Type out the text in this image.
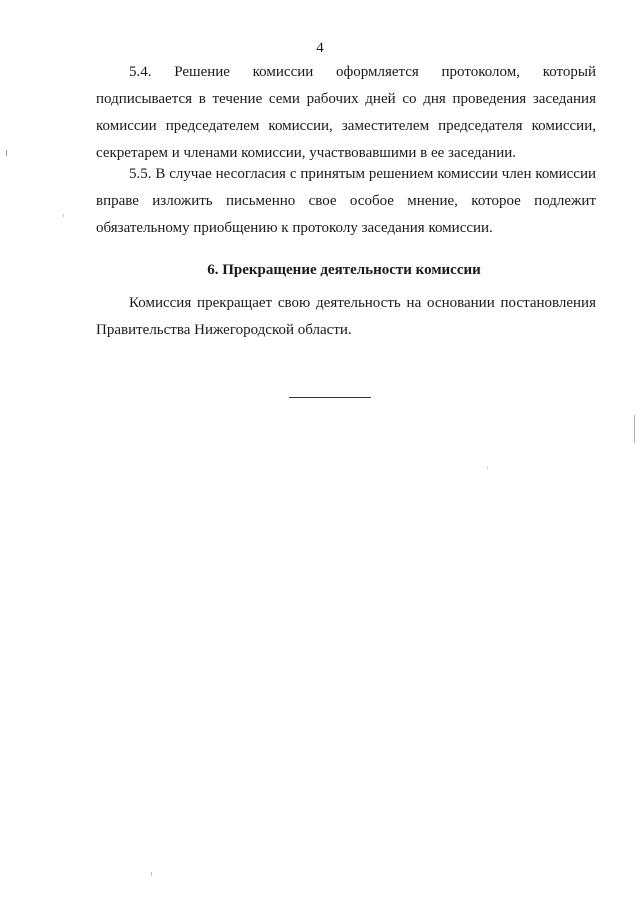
4

5.4. Решение комиссии оформляется протоколом, который подписывается в течение семи рабочих дней со дня проведения заседания комиссии председателем комиссии, заместителем председателя комиссии, секретарем и членами комиссии, участвовавшими в ее заседании.

5.5. В случае несогласия с принятым решением комиссии член комиссии вправе изложить письменно свое особое мнение, которое подлежит обязательному приобщению к протоколу заседания комиссии.

6. Прекращение деятельности комиссии

Комиссия прекращает свою деятельность на основании постановления Правительства Нижегородской области.
